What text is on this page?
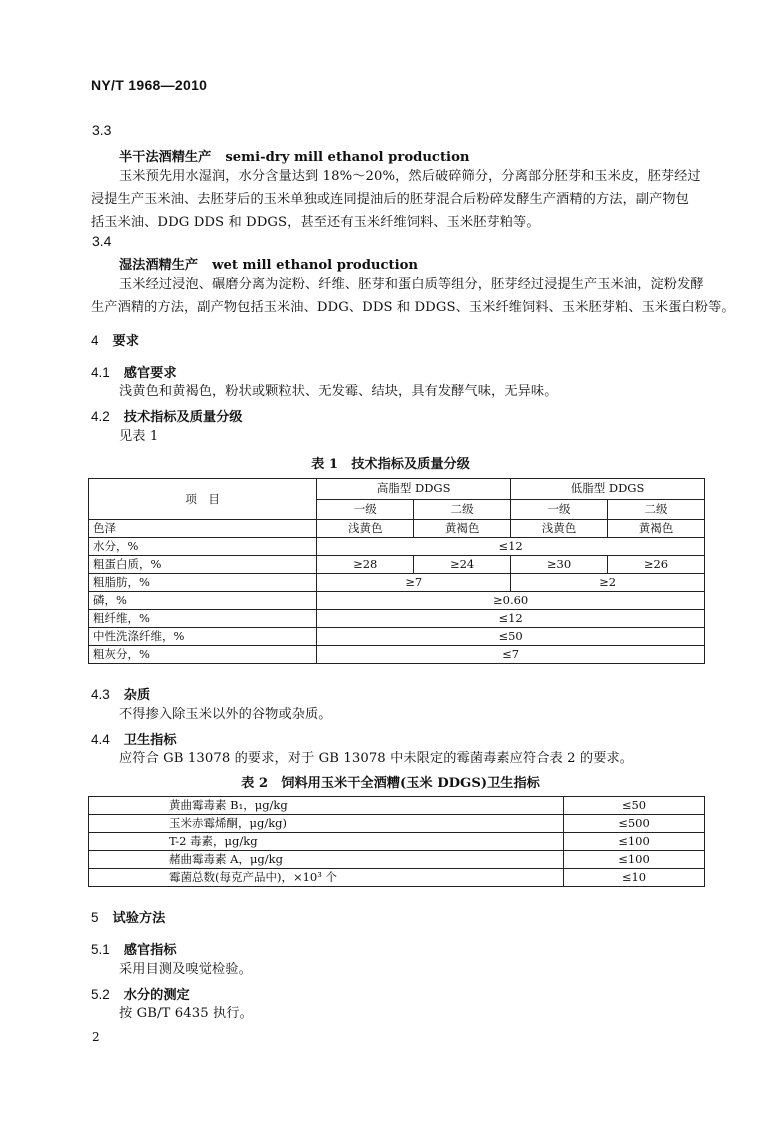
NY/T 1968—2010
3.3
半干法酒精生产 semi-dry mill ethanol production
玉米预先用水湿润，水分含量达到 18%～20%，然后破碎筛分，分离部分胚芽和玉米皮，胚芽经过
浸提生产玉米油、去胚芽后的玉米单独或连同提油后的胚芽混合后粉碎发酵生产酒精的方法，副产物包
括玉米油、DDG DDS 和 DDGS，甚至还有玉米纤维饲料、玉米胚芽粕等。
3.4
湿法酒精生产 wet mill ethanol production
玉米经过浸泡、碾磨分离为淀粉、纤维、胚芽和蛋白质等组分，胚芽经过浸提生产玉米油，淀粉发酵
生产酒精的方法，副产物包括玉米油、DDG、DDS 和 DDGS、玉米纤维饲料、玉米胚芽粕、玉米蛋白粉等。
4 要求
4.1 感官要求
浅黄色和黄褐色，粉状或颗粒状、无发霉、结块，具有发酵气味，无异味。
4.2 技术指标及质量分级
见表 1
表 1　技术指标及质量分级
项　目	高脂型 DDGS		低脂型 DDGS	
	一级	二级	一级	二级
色泽	浅黄色	黄褐色	浅黄色	黄褐色
水分，%	≤12			
粗蛋白质，%	≥28	≥24	≥30	≥26
粗脂肪，%	≥7		≥2	
磷，%	≥0.60			
粗纤维，%	≤12			
中性洗涤纤维，%	≤50			
粗灰分，%	≤7			
4.3 杂质
不得掺入除玉米以外的谷物或杂质。
4.4 卫生指标
应符合 GB 13078 的要求，对于 GB 13078 中未限定的霉菌毒素应符合表 2 的要求。
表 2　饲料用玉米干全酒糟(玉米 DDGS)卫生指标
黄曲霉毒素 B₁，μg/kg	≤50
玉米赤霉烯酮，μg/kg)	≤500
T-2 毒素，μg/kg	≤100
赭曲霉毒素 A，μg/kg	≤100
霉菌总数(每克产品中)，×10³ 个	≤10
5 试验方法
5.1 感官指标
采用目测及嗅觉检验。
5.2 水分的测定
按 GB/T 6435 执行。
2
